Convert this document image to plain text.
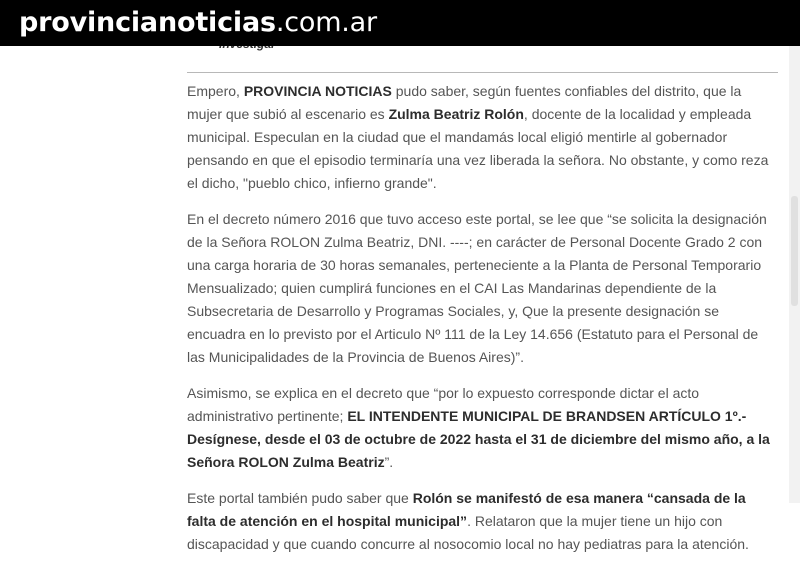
provincianoticias.com.ar

Empero, PROVINCIA NOTICIAS pudo saber, según fuentes confiables del distrito, que la mujer que subió al escenario es Zulma Beatriz Rolón, docente de la localidad y empleada municipal. Especulan en la ciudad que el mandamás local eligió mentirle al gobernador pensando en que el episodio terminaría una vez liberada la señora. No obstante, y como reza el dicho, "pueblo chico, infierno grande".

En el decreto número 2016 que tuvo acceso este portal, se lee que “se solicita la designación de la Señora ROLON Zulma Beatriz, DNI. ----; en carácter de Personal Docente Grado 2 con una carga horaria de 30 horas semanales, perteneciente a la Planta de Personal Temporario Mensualizado; quien cumplirá funciones en el CAI Las Mandarinas dependiente de la Subsecretaria de Desarrollo y Programas Sociales, y, Que la presente designación se encuadra en lo previsto por el Articulo Nº 111 de la Ley 14.656 (Estatuto para el Personal de las Municipalidades de la Provincia de Buenos Aires)”.

Asimismo, se explica en el decreto que “por lo expuesto corresponde dictar el acto administrativo pertinente; EL INTENDENTE MUNICIPAL DE BRANDSEN ARTÍCULO 1º.- Desígnese, desde el 03 de octubre de 2022 hasta el 31 de diciembre del mismo año, a la Señora ROLON Zulma Beatriz”.

Este portal también pudo saber que Rolón se manifestó de esa manera “cansada de la falta de atención en el hospital municipal”. Relataron que la mujer tiene un hijo con discapacidad y que cuando concurre al nosocomio local no hay pediatras para la atención.
